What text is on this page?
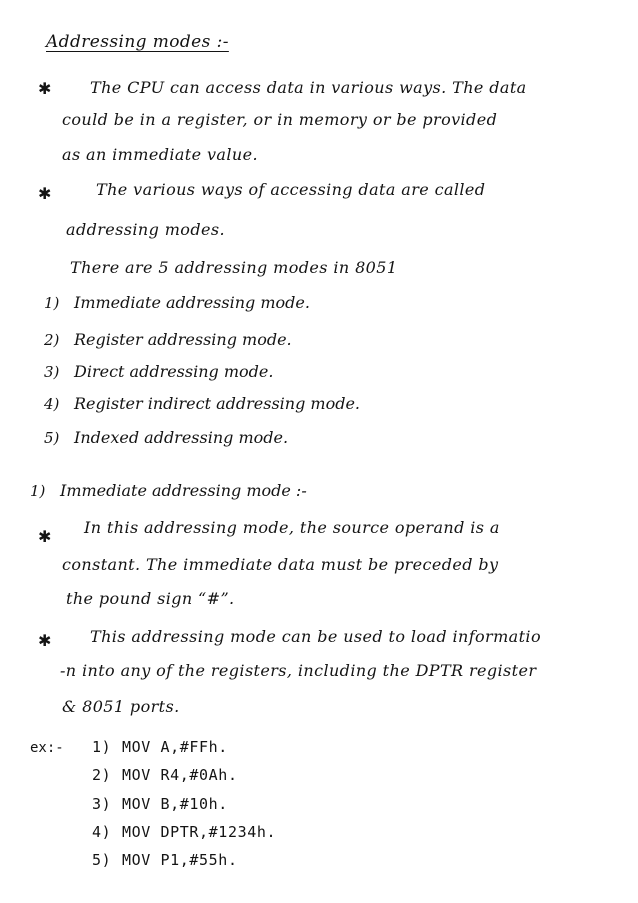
Addressing modes :-
✱ The CPU can access data in various ways. The data
could be in a register, or in memory or be provided
as an immediate value.
✱	The various ways of accessing data are called
addressing modes.
There are 5 addressing modes in 8051
1) Immediate addressing mode.
2) Register addressing mode.
3) Direct addressing mode.
4) Register indirect addressing mode.
5) Indexed addressing mode.
1) Immediate addressing mode :-
✱ In this addressing mode, the source operand is a
constant. The immediate data must be preceded by
the pound sign “#”.
✱ This addressing mode can be used to load informatio
-n into any of the registers, including the DPTR register
& 8051 ports.
ex:- 1) MOV A,#FFh.
2) MOV R4,#0Ah.
3) MOV B,#10h.
4) MOV DPTR,#1234h.
5) MOV P1,#55h.
